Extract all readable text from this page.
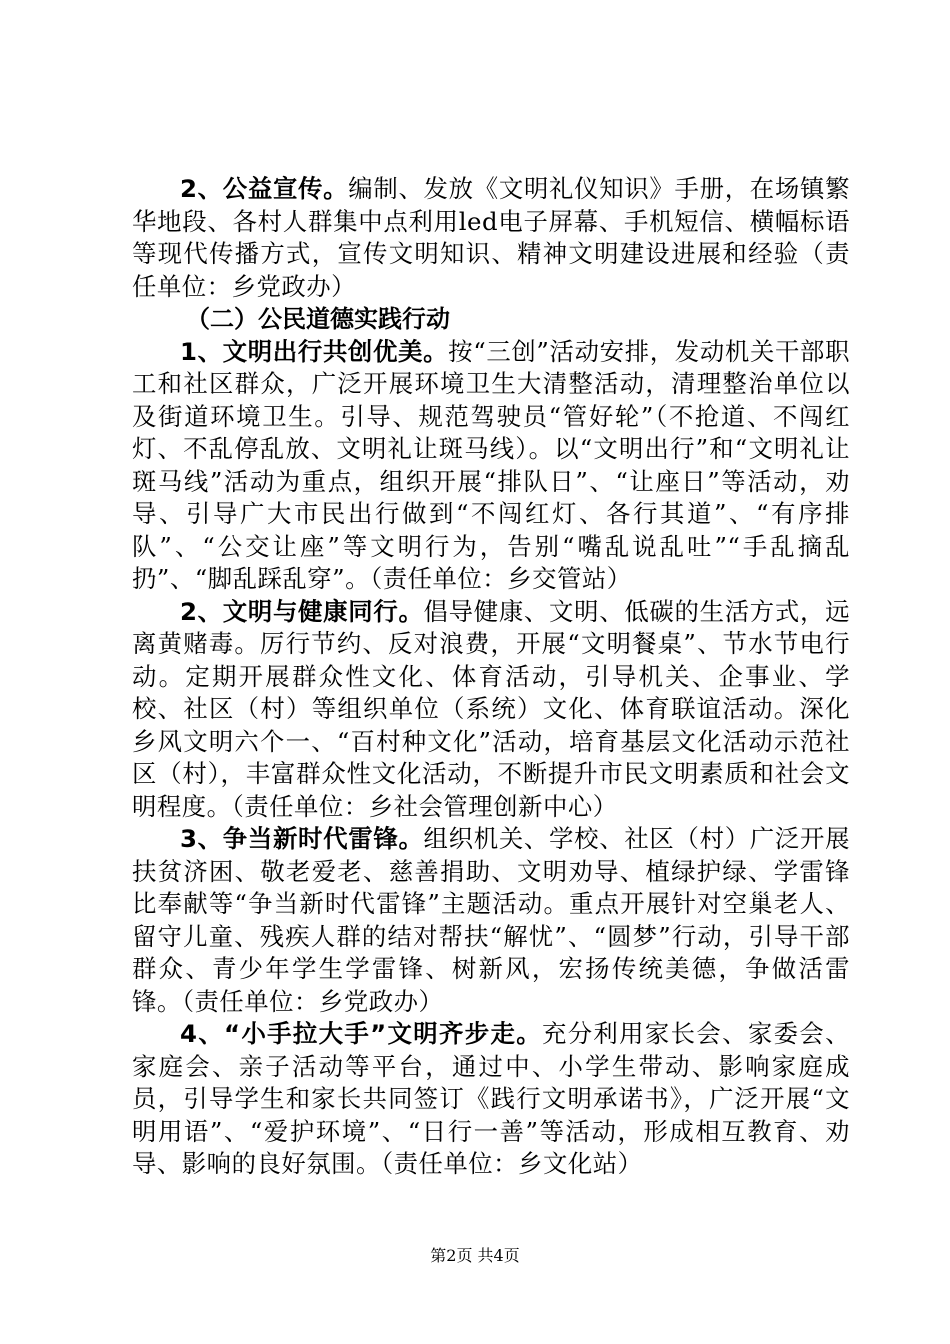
2、公益宣传。编制、发放《文明礼仪知识》手册，在场镇繁华地段、各村人群集中点利用led电子屏幕、手机短信、横幅标语等现代传播方式，宣传文明知识、精神文明建设进展和经验（责任单位：乡党政办）

（二）公民道德实践行动

1、文明出行共创优美。按“三创”活动安排，发动机关干部职工和社区群众，广泛开展环境卫生大清整活动，清理整治单位以及街道环境卫生。引导、规范驾驶员“管好轮”（不抢道、不闯红灯、不乱停乱放、文明礼让斑马线）。以“文明出行”和“文明礼让斑马线”活动为重点，组织开展“排队日”、“让座日”等活动，劝导、引导广大市民出行做到“不闯红灯、各行其道”、“有序排队”、“公交让座”等文明行为，告别“嘴乱说乱吐”“手乱摘乱扔”、“脚乱踩乱穿”。（责任单位：乡交管站）

2、文明与健康同行。倡导健康、文明、低碳的生活方式，远离黄赌毒。厉行节约、反对浪费，开展“文明餐桌”、节水节电行动。定期开展群众性文化、体育活动，引导机关、企事业、学校、社区（村）等组织单位（系统）文化、体育联谊活动。深化乡风文明六个一、“百村种文化”活动，培育基层文化活动示范社区（村），丰富群众性文化活动，不断提升市民文明素质和社会文明程度。（责任单位：乡社会管理创新中心）

3、争当新时代雷锋。组织机关、学校、社区（村）广泛开展扶贫济困、敬老爱老、慈善捐助、文明劝导、植绿护绿、学雷锋比奉献等“争当新时代雷锋”主题活动。重点开展针对空巢老人、留守儿童、残疾人群的结对帮扶“解忧”、“圆梦”行动，引导干部群众、青少年学生学雷锋、树新风，宏扬传统美德，争做活雷锋。（责任单位：乡党政办）

4、“小手拉大手”文明齐步走。充分利用家长会、家委会、家庭会、亲子活动等平台，通过中、小学生带动、影响家庭成员，引导学生和家长共同签订《践行文明承诺书》，广泛开展“文明用语”、“爱护环境”、“日行一善”等活动，形成相互教育、劝导、影响的良好氛围。（责任单位：乡文化站）

第2页 共4页
